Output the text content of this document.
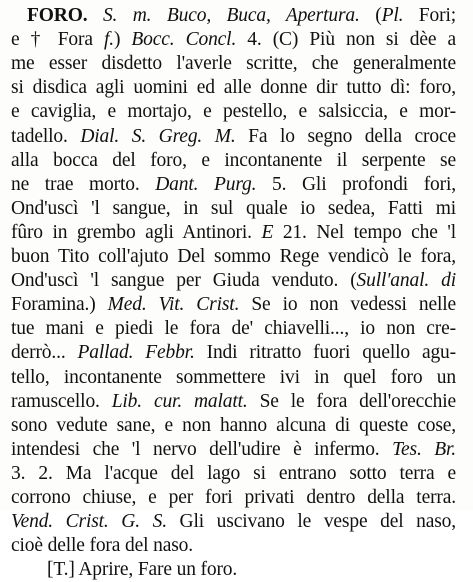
FORO. S. m. Buco, Buca, Apertura. (Pl. Fori;
e † Fora f.) Bocc. Concl. 4. (C) Più non si dèe a
me esser disdetto l'averle scritte, che generalmente
si disdica agli uomini ed alle donne dir tutto dì: foro,
e caviglia, e mortajo, e pestello, e salsiccia, e mor-
tadello. Dial. S. Greg. M. Fa lo segno della croce
alla bocca del foro, e incontanente il serpente se
ne trae morto. Dant. Purg. 5. Gli profondi fori,
Ond'uscì 'l sangue, in sul quale io sedea, Fatti mi
fûro in grembo agli Antinori. E 21. Nel tempo che 'l
buon Tito coll'ajuto Del sommo Rege vendicò le fora,
Ond'uscì 'l sangue per Giuda venduto. (Sull'anal. di
Foramina.) Med. Vit. Crist. Se io non vedessi nelle
tue mani e piedi le fora de' chiavelli..., io non cre-
derrò... Pallad. Febbr. Indi ritratto fuori quello agu-
tello, incontanente sommettere ivi in quel foro un
ramuscello. Lib. cur. malatt. Se le fora dell'orecchie
sono vedute sane, e non hanno alcuna di queste cose,
intendesi che 'l nervo dell'udire è infermo. Tes. Br.
3. 2. Ma l'acque del lago si entrano sotto terra e
corrono chiuse, e per fori privati dentro della terra.
Vend. Crist. G. S. Gli uscivano le vespe del naso,
cioè delle fora del naso.
[T.] Aprire, Fare un foro.
